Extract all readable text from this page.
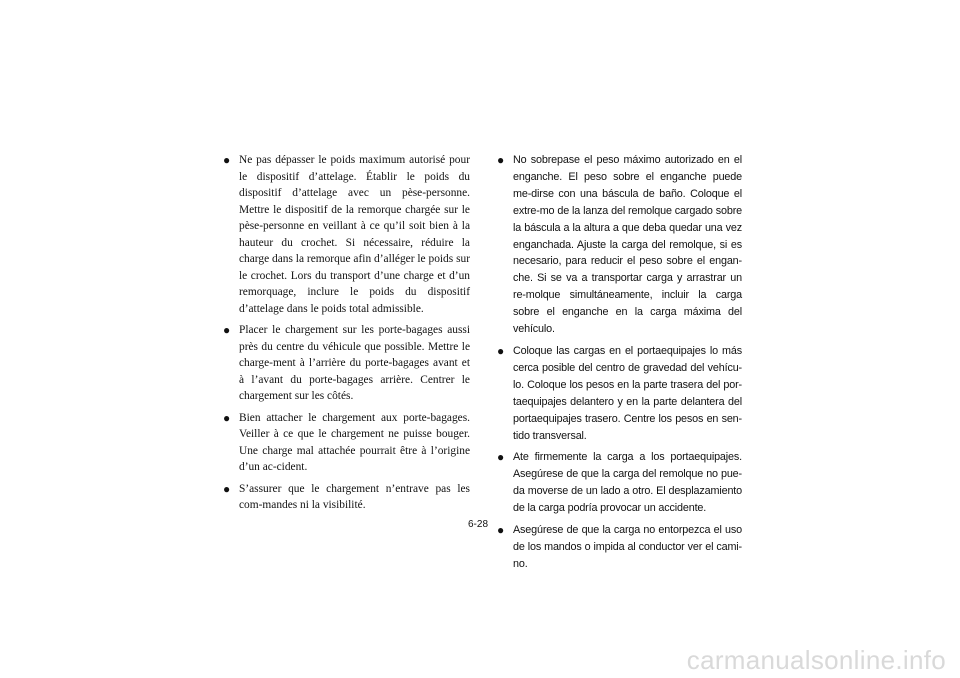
● Ne pas dépasser le poids maximum autorisé pour le dispositif d’attelage. Établir le poids du dispositif d’attelage avec un pèse-personne. Mettre le dispositif de la remorque chargée sur le pèse-personne en veillant à ce qu’il soit bien à la hauteur du crochet. Si nécessaire, réduire la charge dans la remorque afin d’alléger le poids sur le crochet. Lors du transport d’une charge et d’un remorquage, inclure le poids du dispositif d’attelage dans le poids total admissible.
● Placer le chargement sur les porte-bagages aussi près du centre du véhicule que possible. Mettre le charge-ment à l’arrière du porte-bagages avant et à l’avant du porte-bagages arrière. Centrer le chargement sur les côtés.
● Bien attacher le chargement aux porte-bagages. Veiller à ce que le chargement ne puisse bouger. Une charge mal attachée pourrait être à l’origine d’un ac-cident.
● S’assurer que le chargement n’entrave pas les com-mandes ni la visibilité.
● No sobrepase el peso máximo autorizado en el enganche. El peso sobre el enganche puede me-dirse con una báscula de baño. Coloque el extre-mo de la lanza del remolque cargado sobre la báscula a la altura a que deba quedar una vez enganchada. Ajuste la carga del remolque, si es necesario, para reducir el peso sobre el engan-che. Si se va a transportar carga y arrastrar un re-molque simultáneamente, incluir la carga sobre el enganche en la carga máxima del vehículo.
● Coloque las cargas en el portaequipajes lo más cerca posible del centro de gravedad del vehícu-lo. Coloque los pesos en la parte trasera del por-taequipajes delantero y en la parte delantera del portaequipajes trasero. Centre los pesos en sen-tido transversal.
● Ate firmemente la carga a los portaequipajes. Asegúrese de que la carga del remolque no pue-da moverse de un lado a otro. El desplazamiento de la carga podría provocar un accidente.
● Asegúrese de que la carga no entorpezca el uso de los mandos o impida al conductor ver el cami-no.
6-28
carmanualsonline.info
